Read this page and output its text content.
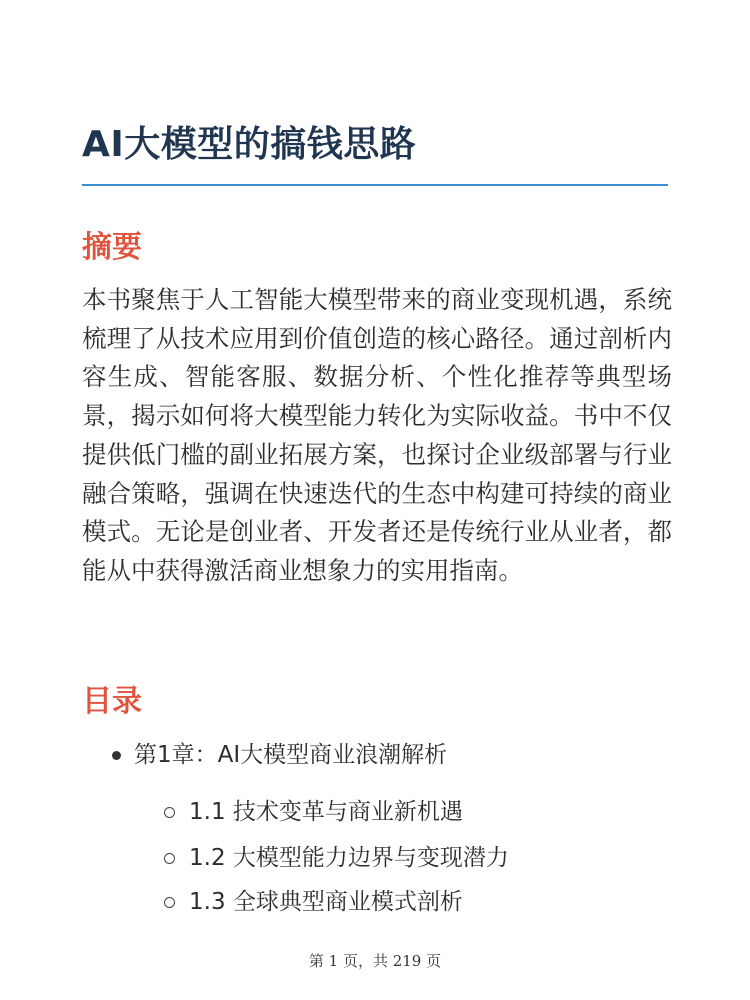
AI大模型的搞钱思路
摘要

本书聚焦于人工智能大模型带来的商业变现机遇，系统梳理了从技术应用到价值创造的核心路径。通过剖析内容生成、智能客服、数据分析、个性化推荐等典型场景，揭示如何将大模型能力转化为实际收益。书中不仅提供低门槛的副业拓展方案，也探讨企业级部署与行业融合策略，强调在快速迭代的生态中构建可持续的商业模式。无论是创业者、开发者还是传统行业从业者，都能从中获得激活商业想象力的实用指南。

目录
第1章：AI大模型商业浪潮解析
1.1 技术变革与商业新机遇
1.2 大模型能力边界与变现潜力
1.3 全球典型商业模式剖析
第 1 页，共 219 页
